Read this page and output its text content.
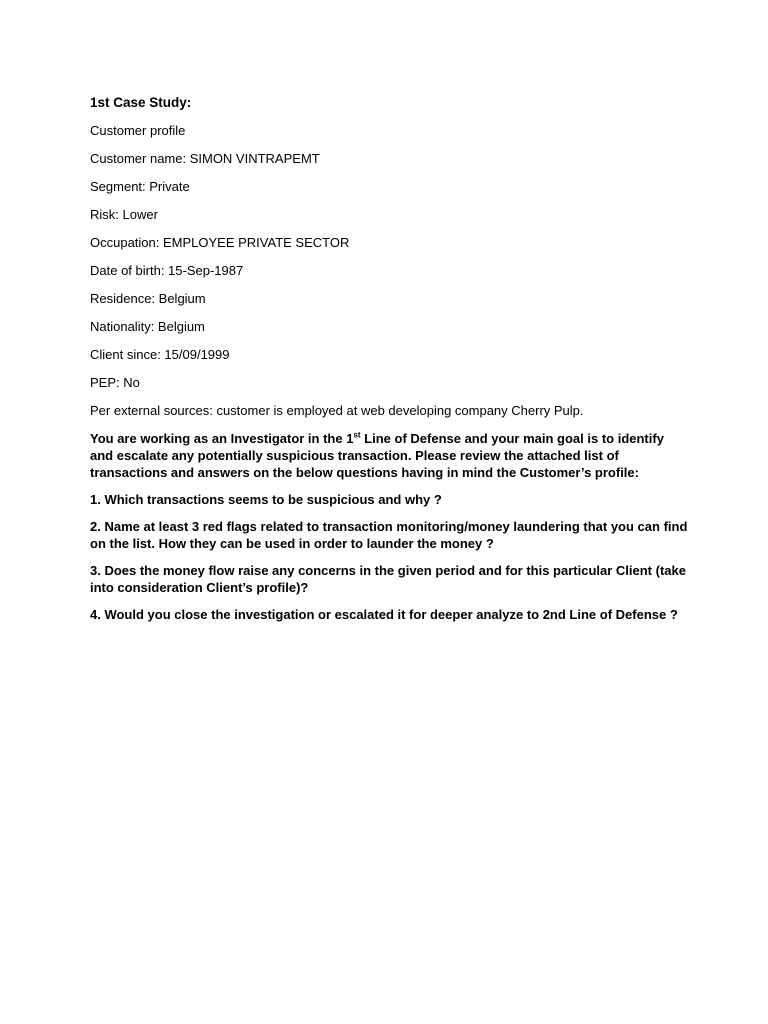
1st Case Study:
Customer profile
Customer name: SIMON VINTRAPEMT
Segment: Private
Risk: Lower
Occupation: EMPLOYEE PRIVATE SECTOR
Date of birth: 15-Sep-1987
Residence: Belgium
Nationality: Belgium
Client since: 15/09/1999
PEP: No
Per external sources: customer is employed at web developing company Cherry Pulp.
You are working as an Investigator in the 1st Line of Defense and your main goal is to identify and escalate any potentially suspicious transaction. Please review the attached list of transactions and answers on the below questions having in mind the Customer’s profile:
1. Which transactions seems to be suspicious and why ?
2. Name at least 3 red flags related to transaction monitoring/money laundering that you can find on the list. How they can be used in order to launder the money ?
3. Does the money flow raise any concerns in the given period and for this particular Client (take into consideration Client’s profile)?
4. Would you close the investigation or escalated it for deeper analyze to 2nd Line of Defense ?
